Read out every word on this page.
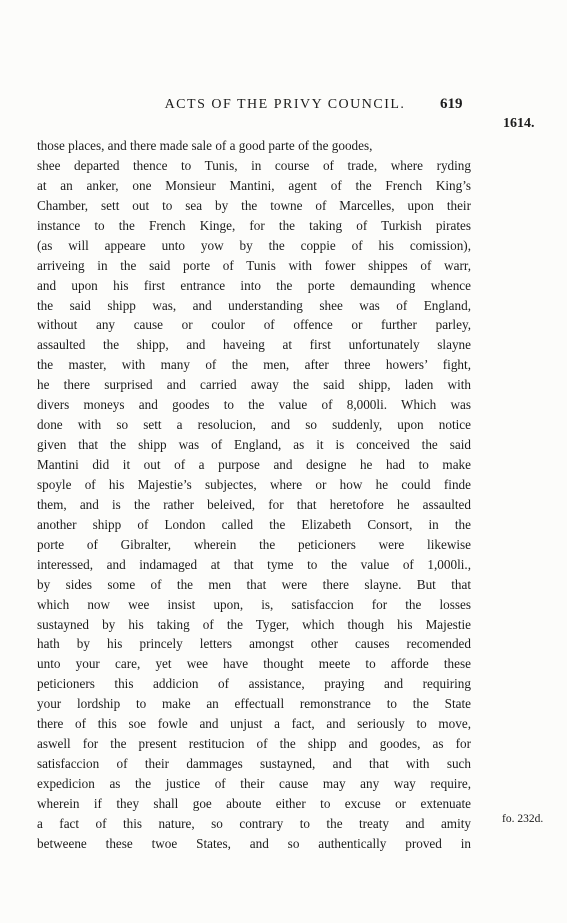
ACTS OF THE PRIVY COUNCIL.	619
1614.
fo. 232d.
those places, and there made sale of a good parte of the goodes,
shee departed thence to Tunis, in course of trade, where ryding
at an anker, one Monsieur Mantini, agent of the French King’s
Chamber, sett out to sea by the towne of Marcelles, upon their
instance to the French Kinge, for the taking of Turkish pirates
(as will appeare unto yow by the coppie of his comission),
arriveing in the said porte of Tunis with fower shippes of warr,
and upon his first entrance into the porte demaunding whence
the said shipp was, and understanding shee was of England,
without any cause or coulor of offence or further parley,
assaulted the shipp, and haveing at first unfortunately slayne
the master, with many of the men, after three howers’ fight,
he there surprised and carried away the said shipp, laden with
divers moneys and goodes to the value of 8,000li. Which was
done with so sett a resolucion, and so suddenly, upon notice
given that the shipp was of England, as it is conceived the said
Mantini did it out of a purpose and designe he had to make
spoyle of his Majestie’s subjectes, where or how he could finde
them, and is the rather beleived, for that heretofore he assaulted
another shipp of London called the Elizabeth Consort, in the
porte of Gibralter, wherein the peticioners were likewise
interessed, and indamaged at that tyme to the value of 1,000li.,
by sides some of the men that were there slayne. But that
which now wee insist upon, is, satisfaccion for the losses
sustayned by his taking of the Tyger, which though his Majestie
hath by his princely letters amongst other causes recomended
unto your care, yet wee have thought meete to afforde these
peticioners this addicion of assistance, praying and requiring
your lordship to make an effectuall remonstrance to the State
there of this soe fowle and unjust a fact, and seriously to move,
aswell for the present restitucion of the shipp and goodes, as for
satisfaccion of their dammages sustayned, and that with such
expedicion as the justice of their cause may any way require,
wherein if they shall goe aboute either to excuse or extenuate
a fact of this nature, so contrary to the treaty and amity
betweene these twoe States, and so authentically proved in
